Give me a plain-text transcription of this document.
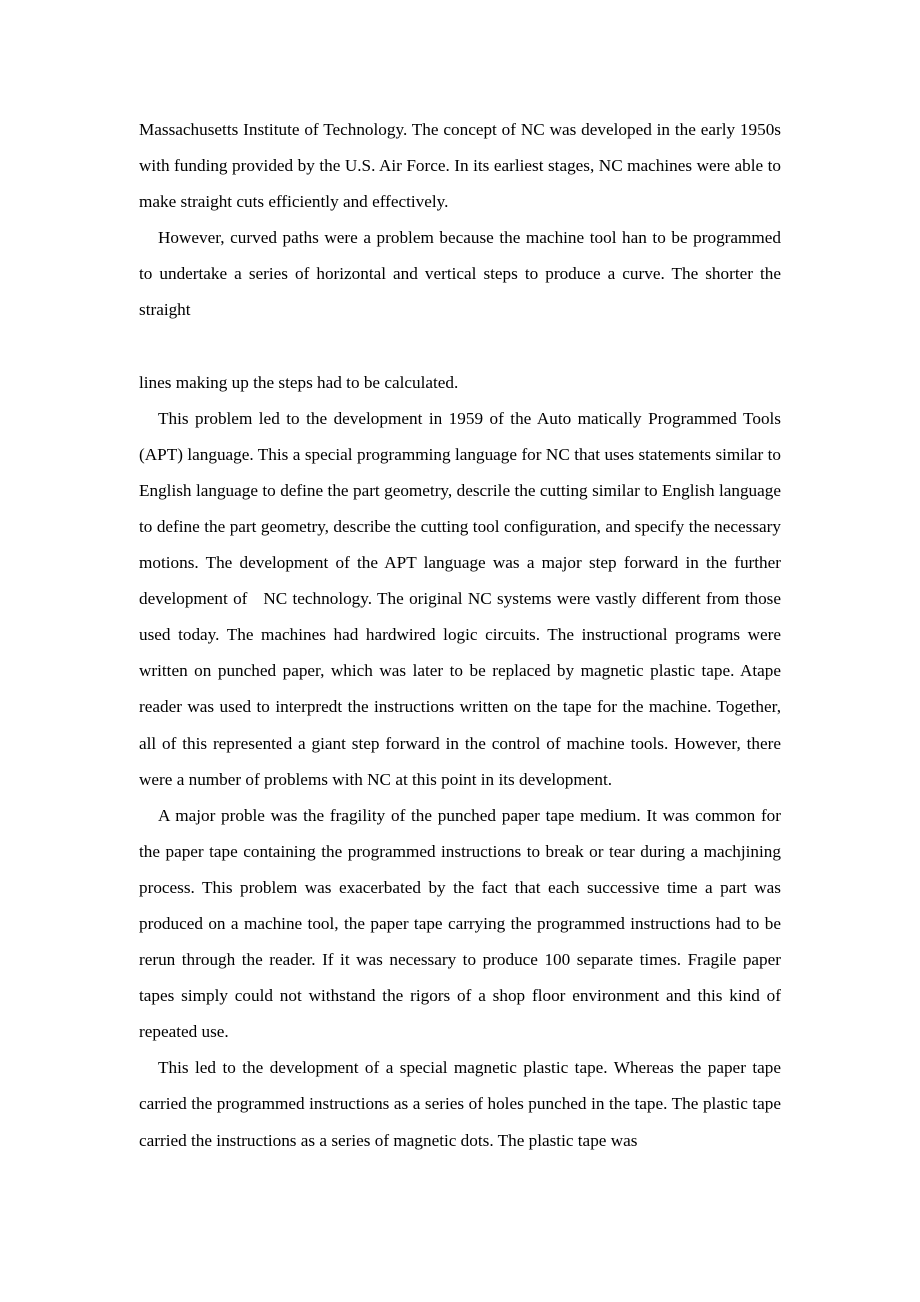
Massachusetts Institute of Technology. The concept of NC was developed in the early 1950s with funding provided by the U.S. Air Force. In its earliest stages, NC machines were able to make straight cuts efficiently and effectively.

However, curved paths were a problem because the machine tool han to be programmed to undertake a series of horizontal and vertical steps to produce a curve. The shorter the straight

lines making up the steps had to be calculated.

This problem led to the development in 1959 of the Auto matically Programmed Tools (APT) language. This a special programming language for NC that uses statements similar to English language to define the part geometry, descrile the cutting similar to English language to define the part geometry, describe the cutting tool configuration, and specify the necessary motions. The development of the APT language was a major step forward in the further development of   NC technology. The original NC systems were vastly different from those used today. The machines had hardwired logic circuits. The instructional programs were written on punched paper, which was later to be replaced by magnetic plastic tape. Atape reader was used to interpredt the instructions written on the tape for the machine. Together, all of this represented a giant step forward in the control of machine tools. However, there were a number of problems with NC at this point in its development.

A major proble was the fragility of the punched paper tape medium. It was common for the paper tape containing the programmed instructions to break or tear during a machjining process. This problem was exacerbated by the fact that each successive time a part was produced on a machine tool, the paper tape carrying the programmed instructions had to be rerun through the reader. If it was necessary to produce 100 separate times. Fragile paper tapes simply could not withstand the rigors of a shop floor environment and this kind of repeated use.

This led to the development of a special magnetic plastic tape. Whereas the paper tape carried the programmed instructions as a series of holes punched in the tape. The plastic tape carried the instructions as a series of magnetic dots. The plastic tape was
